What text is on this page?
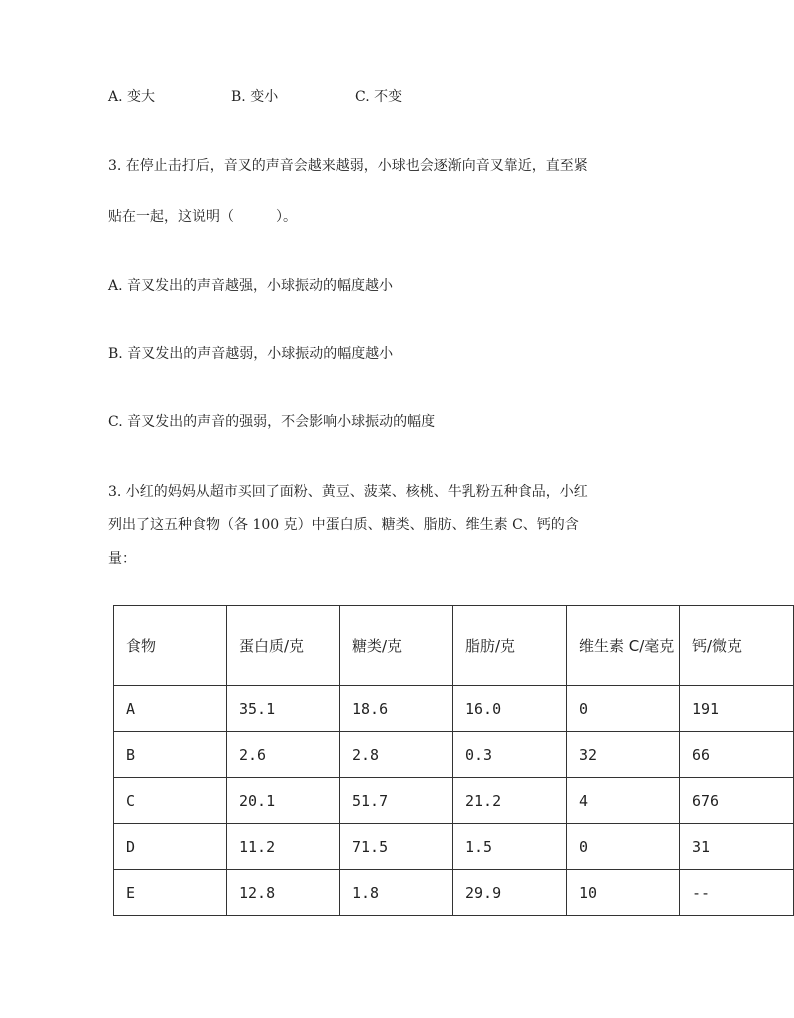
A. 变大	B. 变小	C. 不变
3. 在停止击打后，音叉的声音会越来越弱，小球也会逐渐向音叉靠近，直至紧
贴在一起，这说明（　　　）。
A. 音叉发出的声音越强，小球振动的幅度越小
B. 音叉发出的声音越弱，小球振动的幅度越小
C. 音叉发出的声音的强弱，不会影响小球振动的幅度
3. 小红的妈妈从超市买回了面粉、黄豆、菠菜、核桃、牛乳粉五种食品，小红
列出了这五种食物（各 100 克）中蛋白质、糖类、脂肪、维生素 C、钙的含
量：
食物	蛋白质/克	糖类/克	脂肪/克	维生素 C/毫克	钙/微克
A	35.1	18.6	16.0	0	191
B	2.6	2.8	0.3	32	66
C	20.1	51.7	21.2	4	676
D	11.2	71.5	1.5	0	31
E	12.8	1.8	29.9	10	--
